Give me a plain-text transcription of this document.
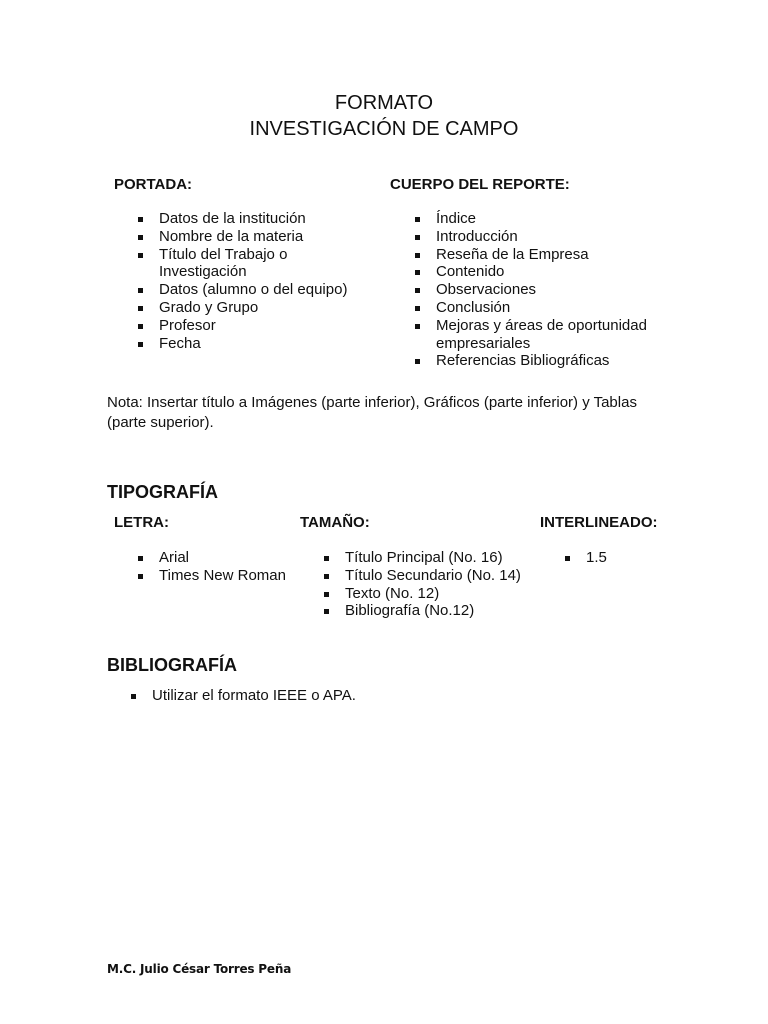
FORMATO

INVESTIGACIÓN DE CAMPO

PORTADA:

Datos de la institución
Nombre de la materia
Título del Trabajo o Investigación
Datos (alumno o del equipo)
Grado y Grupo
Profesor
Fecha

CUERPO DEL REPORTE:

Índice
Introducción
Reseña de la Empresa
Contenido
Observaciones
Conclusión
Mejoras y áreas de oportunidad empresariales
Referencias Bibliográficas

Nota: Insertar título a Imágenes (parte inferior), Gráficos (parte inferior) y Tablas (parte superior).

TIPOGRAFÍA

LETRA:

Arial
Times New Roman

TAMAÑO:

Título Principal (No. 16)
Título Secundario (No. 14)
Texto (No. 12)
Bibliografía (No.12)

INTERLINEADO:

1.5

BIBLIOGRAFÍA

Utilizar el formato IEEE o APA.

M.C. Julio César Torres Peña
